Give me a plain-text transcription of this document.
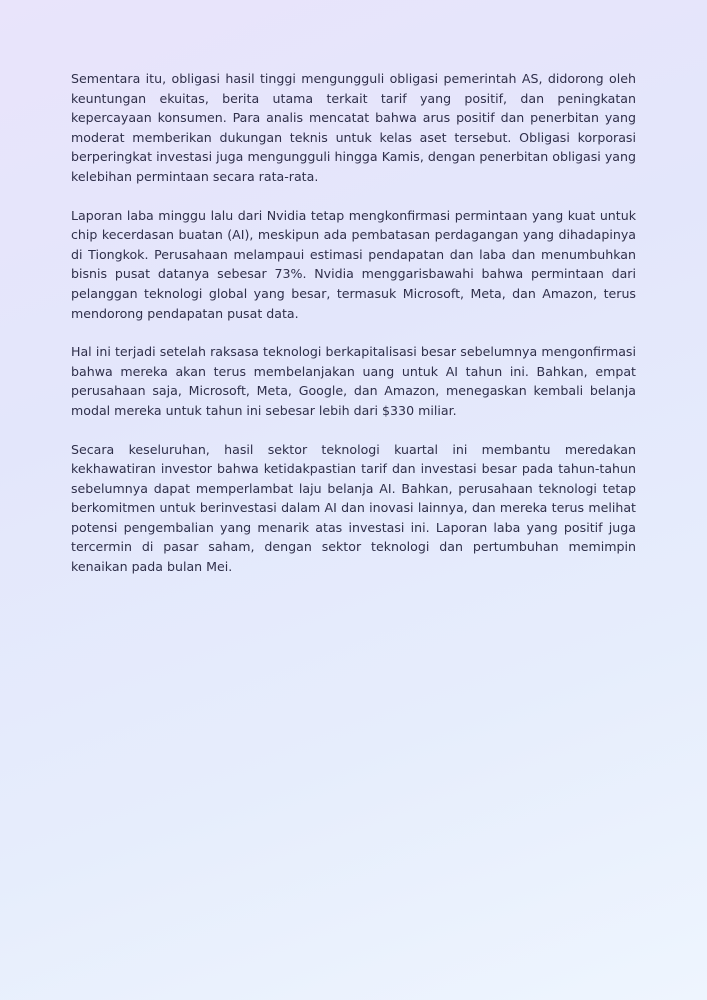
Sementara itu, obligasi hasil tinggi mengungguli obligasi pemerintah AS, didorong oleh keuntungan ekuitas, berita utama terkait tarif yang positif, dan peningkatan kepercayaan konsumen. Para analis mencatat bahwa arus positif dan penerbitan yang moderat memberikan dukungan teknis untuk kelas aset tersebut. Obligasi korporasi berperingkat investasi juga mengungguli hingga Kamis, dengan penerbitan obligasi yang kelebihan permintaan secara rata-rata.

Laporan laba minggu lalu dari Nvidia tetap mengkonfirmasi permintaan yang kuat untuk chip kecerdasan buatan (AI), meskipun ada pembatasan perdagangan yang dihadapinya di Tiongkok. Perusahaan melampaui estimasi pendapatan dan laba dan menumbuhkan bisnis pusat datanya sebesar 73%. Nvidia menggarisbawahi bahwa permintaan dari pelanggan teknologi global yang besar, termasuk Microsoft, Meta, dan Amazon, terus mendorong pendapatan pusat data.

Hal ini terjadi setelah raksasa teknologi berkapitalisasi besar sebelumnya mengonfirmasi bahwa mereka akan terus membelanjakan uang untuk AI tahun ini. Bahkan, empat perusahaan saja, Microsoft, Meta, Google, dan Amazon, menegaskan kembali belanja modal mereka untuk tahun ini sebesar lebih dari $330 miliar.

Secara keseluruhan, hasil sektor teknologi kuartal ini membantu meredakan kekhawatiran investor bahwa ketidakpastian tarif dan investasi besar pada tahun-tahun sebelumnya dapat memperlambat laju belanja AI. Bahkan, perusahaan teknologi tetap berkomitmen untuk berinvestasi dalam AI dan inovasi lainnya, dan mereka terus melihat potensi pengembalian yang menarik atas investasi ini. Laporan laba yang positif juga tercermin di pasar saham, dengan sektor teknologi dan pertumbuhan memimpin kenaikan pada bulan Mei.
